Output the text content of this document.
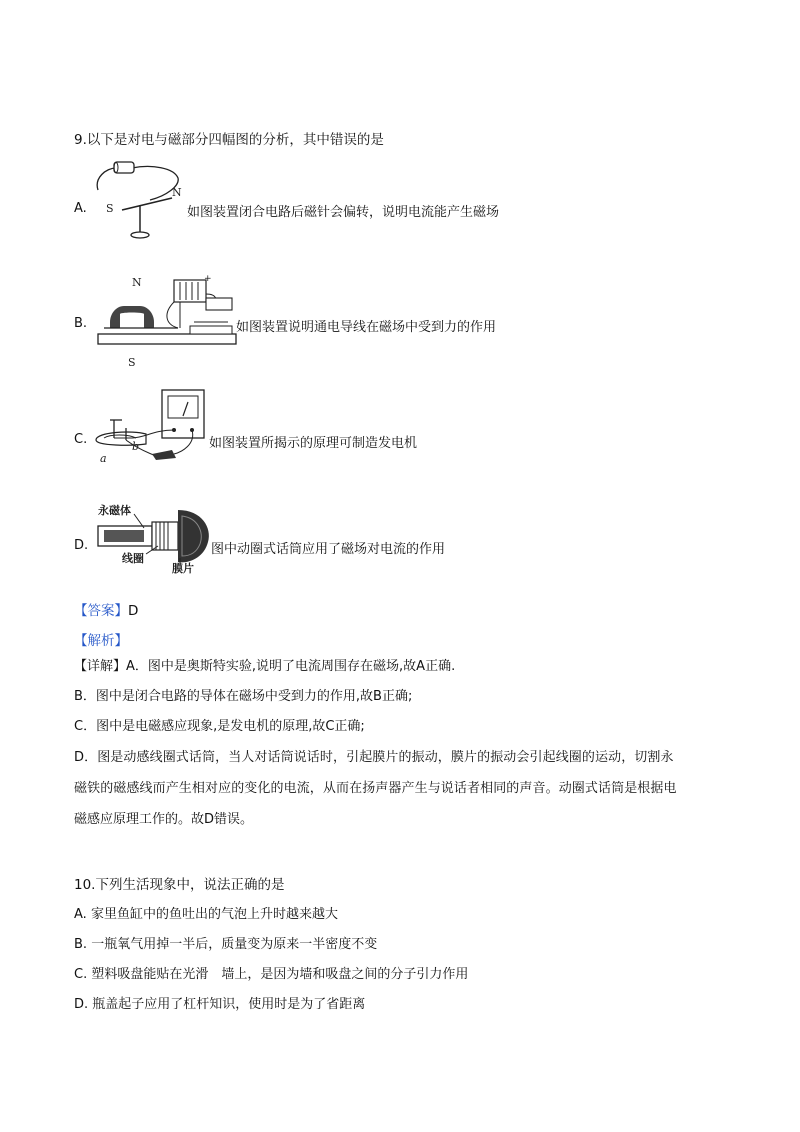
9.以下是对电与磁部分四幅图的分析，其中错误的是
A. S
N
如图装置闭合电路后磁针会偏转，说明电流能产生磁场
B.
+
N
S
如图装置说明通电导线在磁场中受到力的作用
C.
a
b	如图装置所揭示的原理可制造发电机
D.
永磁体
线圈
膜片
图中动圈式话筒应用了磁场对电流的作用
【答案】D
【解析】
【详解】A．图中是奥斯特实验,说明了电流周围存在磁场,故A正确.
B．图中是闭合电路的导体在磁场中受到力的作用,故B正确;
C．图中是电磁感应现象,是发电机的原理,故C正确;
D．图是动感线圈式话筒，当人对话筒说话时，引起膜片的振动，膜片的振动会引起线圈的运动，切割永
磁铁的磁感线而产生相对应的变化的电流，从而在扬声器产生与说话者相同的声音。动圈式话筒是根据电
磁感应原理工作的。故D错误。
10.下列生活现象中，说法正确的是
A. 家里鱼缸中的鱼吐出的气泡上升时越来越大
B. 一瓶氧气用掉一半后，质量变为原来一半密度不变
C. 塑料吸盘能贴在光滑　墙上，是因为墙和吸盘之间的分子引力作用
D. 瓶盖起子应用了杠杆知识，使用时是为了省距离
